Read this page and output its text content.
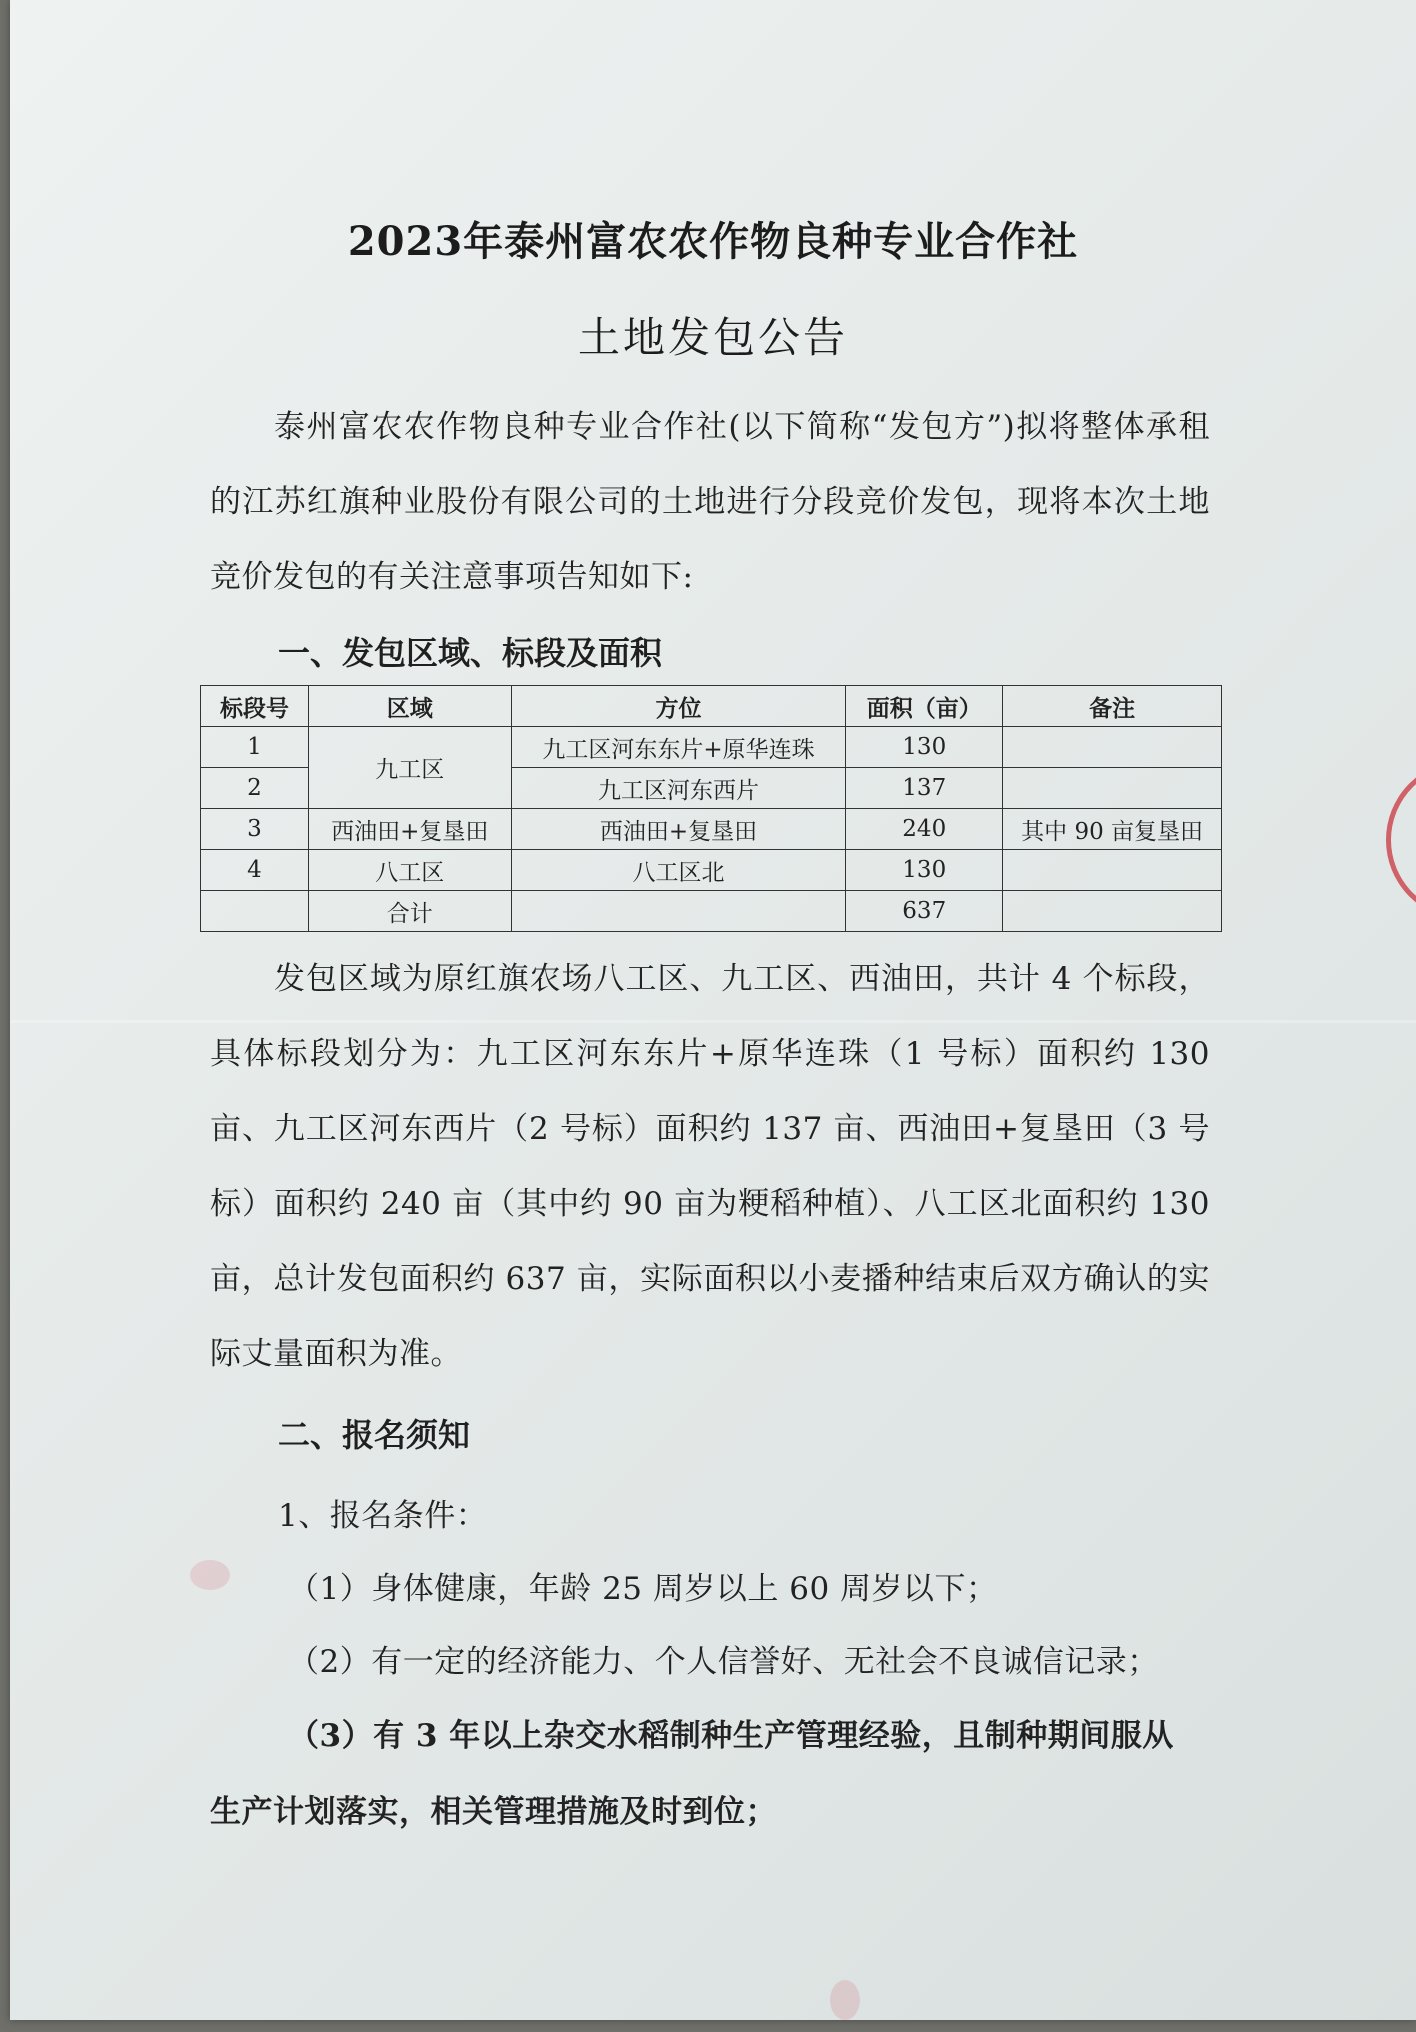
2023年泰州富农农作物良种专业合作社
土地发包公告
泰州富农农作物良种专业合作社(以下简称“发包方”)拟将整体承租的江苏红旗种业股份有限公司的土地进行分段竞价发包，现将本次土地竞价发包的有关注意事项告知如下:
一、发包区域、标段及面积
标段号	区域	方位	面积（亩）	备注
1	九工区	九工区河东东片+原华连珠	130	
2		九工区河东西片	137	
3	西油田+复垦田	西油田+复垦田	240	其中 90 亩复垦田
4	八工区	八工区北	130	
	合计		637	
发包区域为原红旗农场八工区、九工区、西油田，共计 4 个标段，具体标段划分为：九工区河东东片+原华连珠（1 号标）面积约 130 亩、九工区河东西片（2 号标）面积约 137 亩、西油田+复垦田（3 号标）面积约 240 亩（其中约 90 亩为粳稻种植）、八工区北面积约 130 亩，总计发包面积约 637 亩，实际面积以小麦播种结束后双方确认的实际丈量面积为准。
二、报名须知
1、报名条件：
（1）身体健康，年龄 25 周岁以上 60 周岁以下；
（2）有一定的经济能力、个人信誉好、无社会不良诚信记录；
（3）有 3 年以上杂交水稻制种生产管理经验，且制种期间服从
生产计划落实，相关管理措施及时到位；
